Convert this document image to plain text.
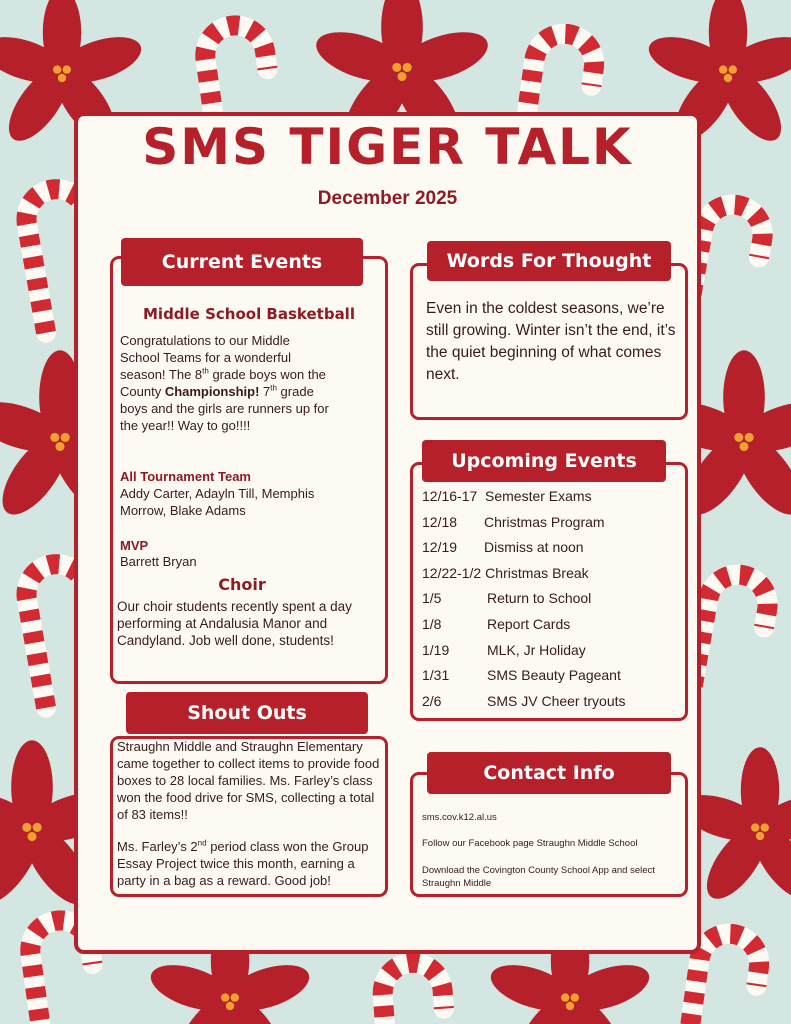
SMS TIGER TALK
December 2025
Current Events
Middle School Basketball
Congratulations to our Middle School Teams for a wonderful season! The 8th grade boys won the County Championship! 7th grade boys and the girls are runners up for the year!! Way to go!!!!
All Tournament Team
Addy Carter, Adayln Till, Memphis Morrow, Blake Adams
MVP
Barrett Bryan
Choir
Our choir students recently spent a day performing at Andalusia Manor and Candyland. Job well done, students!
Shout Outs
Straughn Middle and Straughn Elementary came together to collect items to provide food boxes to 28 local families. Ms. Farley’s class won the food drive for SMS, collecting a total of 83 items!!
Ms. Farley’s 2nd period class won the Group Essay Project twice this month, earning a party in a bag as a reward. Good job!
Words For Thought
Even in the coldest seasons, we’re still growing. Winter isn’t the end, it’s the quiet beginning of what comes next.
Upcoming Events
12/16-17 Semester Exams
12/18 Christmas Program
12/19 Dismiss at noon
12/22-1/2 Christmas Break
1/5	Return to School
1/8	Report Cards
1/19	MLK, Jr Holiday
1/31	SMS Beauty Pageant
2/6	SMS JV Cheer tryouts
Contact Info
sms.cov.k12.al.us
Follow our Facebook page Straughn Middle School
Download the Covington County School App and select Straughn Middle
